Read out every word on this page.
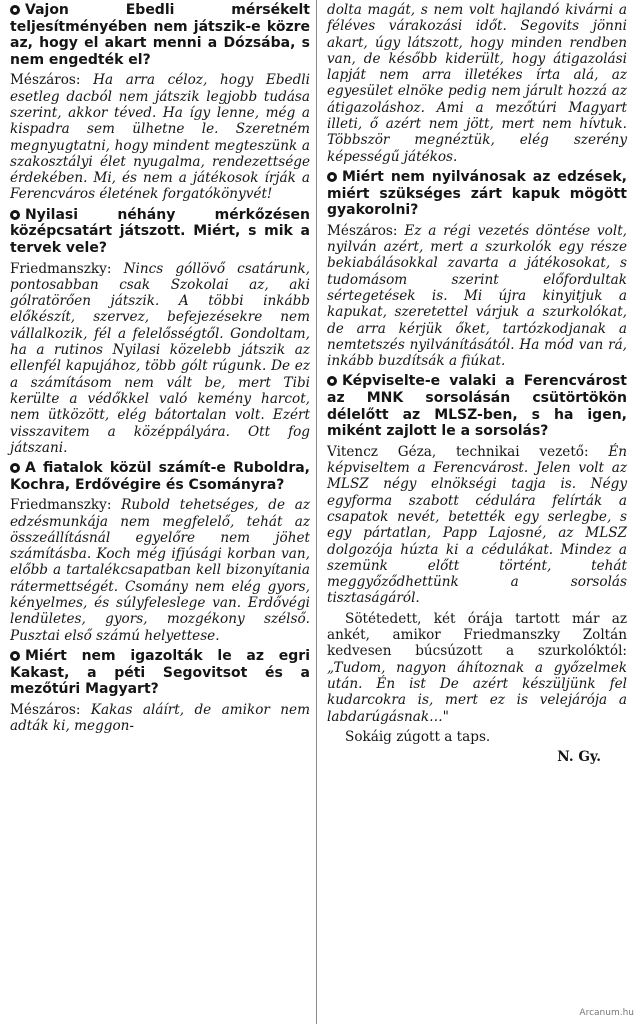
Vajon Ebedli mérsékelt teljesítményében nem játszik-e közre az, hogy el akart menni a Dózsába, s nem engedték el?
Mészáros: Ha arra céloz, hogy Ebedli esetleg dacból nem játszik legjobb tudása szerint, akkor téved. Ha így lenne, még a kispadra sem ülhetne le. Szeretném megnyugtatni, hogy mindent megteszünk a szakosztályi élet nyugalma, rendezettsége érdekében. Mi, és nem a játékosok írják a Ferencváros életének forgatókönyvét!
Nyilasi néhány mérkőzésen középcsatárt játszott. Miért, s mik a tervek vele?
Friedmanszky: Nincs góllövő csatárunk, pontosabban csak Szokolai az, aki gólratörően játszik. A többi inkább előkészít, szervez, befejezésekre nem vállalkozik, fél a felelősségtől. Gondoltam, ha a rutinos Nyilasi közelebb játszik az ellenfél kapujához, több gólt rúgunk. De ez a számításom nem vált be, mert Tibi kerülte a védőkkel való kemény harcot, nem ütközött, elég bátortalan volt. Ezért visszavitem a középpályára. Ott fog játszani.
A fiatalok közül számít-e Ruboldra, Kochra, Erdővégire és Csományra?
Friedmanszky: Rubold tehetséges, de az edzésmunkája nem megfelelő, tehát az összeállításnál egyelőre nem jöhet számításba. Koch még ifjúsági korban van, előbb a tartalékcsapatban kell bizonyítania rátermettségét. Csomány nem elég gyors, kényelmes, és súlyfeleslege van. Erdővégi lendületes, gyors, mozgékony szélső. Pusztai első számú helyettese.
Miért nem igazolták le az egri Kakast, a péti Segovitsot és a mezőtúri Magyart?
Mészáros: Kakas aláírt, de amikor nem adták ki, meggon-
dolta magát, s nem volt hajlandó kivárni a féléves várakozási időt. Segovits jönni akart, úgy látszott, hogy minden rendben van, de később kiderült, hogy átigazolási lapját nem arra illetékes írta alá, az egyesület elnöke pedig nem járult hozzá az átigazoláshoz. Ami a mezőtúri Magyart illeti, ő azért nem jött, mert nem hívtuk. Többször megnéztük, elég szerény képességű játékos.
Miért nem nyilvánosak az edzések, miért szükséges zárt kapuk mögött gyakorolni?
Mészáros: Ez a régi vezetés döntése volt, nyilván azért, mert a szurkolók egy része bekiabálásokkal zavarta a játékosokat, s tudomásom szerint előfordultak sértegetések is. Mi újra kinyitjuk a kapukat, szeretettel várjuk a szurkolókat, de arra kérjük őket, tartózkodjanak a nemtetszés nyilvánításától. Ha mód van rá, inkább buzdítsák a fiúkat.
Képviselte-e valaki a Ferencvárost az MNK sorsolásán csütörtökön délelőtt az MLSZ-ben, s ha igen, miként zajlott le a sorsolás?
Vitencz Géza, technikai vezető: Én képviseltem a Ferencvárost. Jelen volt az MLSZ négy elnökségi tagja is. Négy egyforma szabott cédulára felírták a csapatok nevét, betették egy serlegbe, s egy pártatlan, Papp Lajosné, az MLSZ dolgozója húzta ki a cédulákat. Mindez a szemünk előtt történt, tehát meggyőződhettünk a sorsolás tisztaságáról.

Sötétedett, két órája tartott már az ankét, amikor Friedmanszky Zoltán kedvesen búcsúzott a szurkolóktól: „Tudom, nagyon áhítoznak a győzelmek után. Én ist De azért készüljünk fel kudarcokra is, mert ez is velejárója a labdarúgásnak…"

Sokáig zúgott a taps.

N. Gy.
Arcanum.hu
